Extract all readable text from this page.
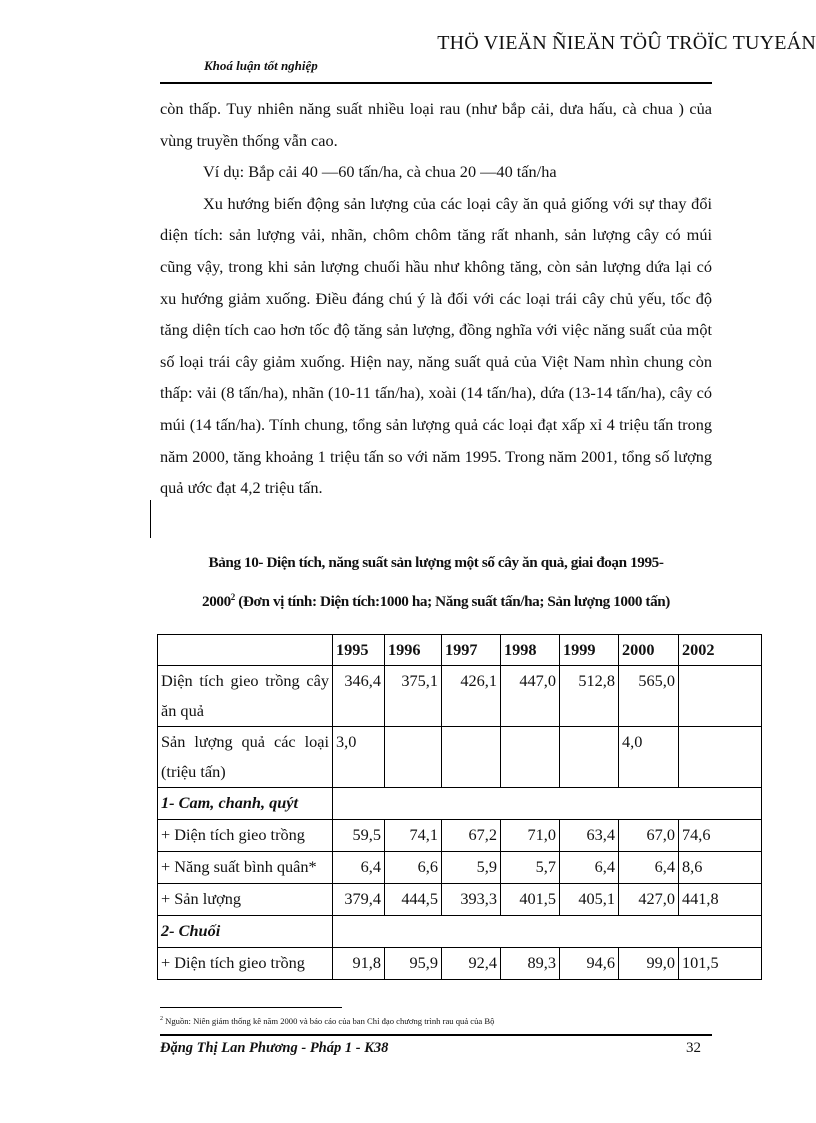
THÖ VIEÄN ÑIEÄN TÖÛ TRÖÏC TUYEÁN
Khoá luận tốt nghiệp

còn thấp. Tuy nhiên năng suất nhiều loại rau (như bắp cải, dưa hấu, cà chua ) của vùng truyền thống vẫn cao.

Ví dụ: Bắp cải 40 —60 tấn/ha, cà chua 20 —40 tấn/ha

Xu hướng biến động sản lượng của các loại cây ăn quả giống với sự thay đổi diện tích: sản lượng vải, nhãn, chôm chôm tăng rất nhanh, sản lượng cây có múi cũng vậy, trong khi sản lượng chuối hầu như không tăng, còn sản lượng dứa lại có xu hướng giảm xuống. Điều đáng chú ý là đối với các loại trái cây chủ yếu, tốc độ tăng diện tích cao hơn tốc độ tăng sản lượng, đồng nghĩa với việc năng suất của một số loại trái cây giảm xuống. Hiện nay, năng suất quả của Việt Nam nhìn chung còn thấp: vải (8 tấn/ha), nhãn (10-11 tấn/ha), xoài (14 tấn/ha), dứa (13-14 tấn/ha), cây có múi (14 tấn/ha). Tính chung, tổng sản lượng quả các loại đạt xấp xỉ 4 triệu tấn trong năm 2000, tăng khoảng 1 triệu tấn so với năm 1995. Trong năm 2001, tổng số lượng quả ước đạt 4,2 triệu tấn.

Bảng 10- Diện tích, năng suất sản lượng một số cây ăn quả, giai đoạn 1995-
2000$^2$ (Đơn vị tính: Diện tích:1000 ha; Năng suất tấn/ha; Sản lượng 1000 tấn)
	1995	1996	1997	1998	1999	2000	2002
Diện tích gieo trồng cây ăn quả	346,4	375,1	426,1	447,0	512,8	565,0	
Sản lượng quả các loại (triệu tấn)	3,0					4,0	
1- Cam, chanh, quýt							
+ Diện tích gieo trồng	59,5	74,1	67,2	71,0	63,4	67,0	74,6
+ Năng suất bình quân*	6,4	6,6	5,9	5,7	6,4	6,4	8,6
+ Sản lượng	379,4	444,5	393,3	401,5	405,1	427,0	441,8
2- Chuối							
+ Diện tích gieo trồng	91,8	95,9	92,4	89,3	94,6	99,0	101,5
$^2$ Nguồn: Niên giám thống kê năm 2000 và báo cáo của ban Chỉ đạo chương trình rau quả của Bộ
Đặng Thị Lan Phương - Pháp 1 - K38	32
